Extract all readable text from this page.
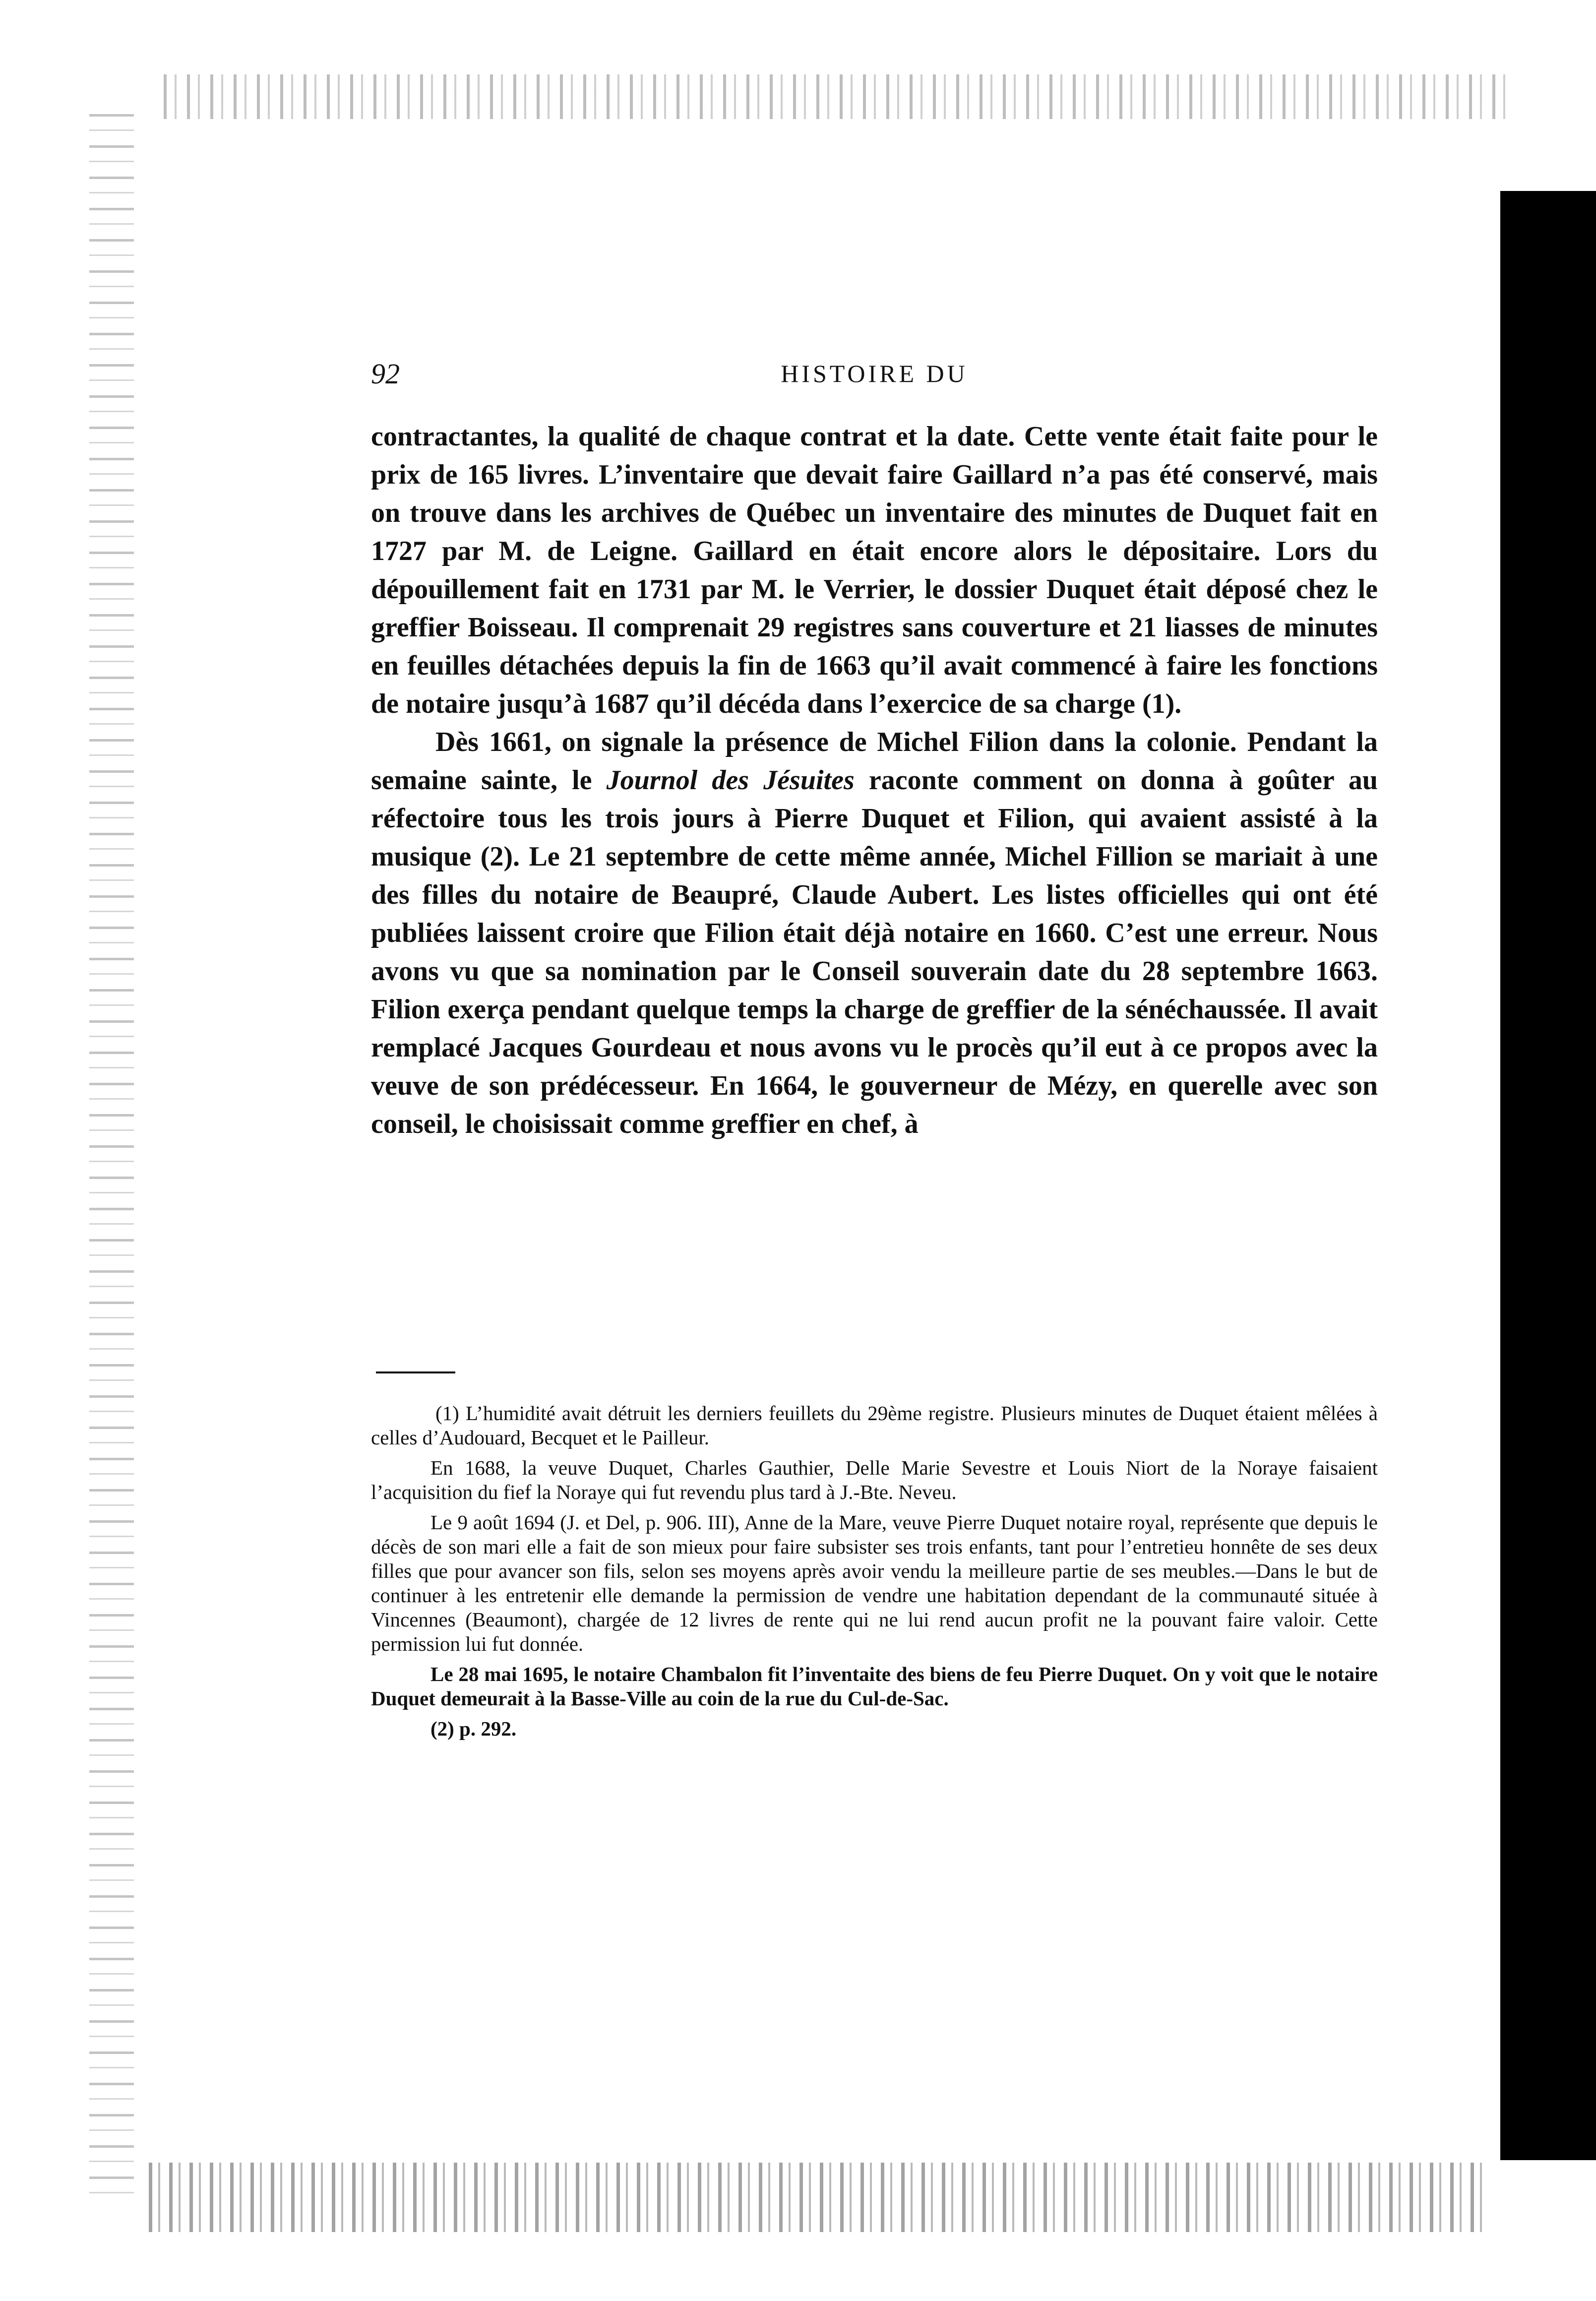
92	HISTOIRE DU

contractantes, la qualité de chaque contrat et la date. Cette vente était faite pour le prix de 165 livres. L’inventaire que devait faire Gaillard n’a pas été conservé, mais on trouve dans les archives de Québec un inventaire des minutes de Duquet fait en 1727 par M. de Leigne. Gaillard en était encore alors le dépositaire. Lors du dépouillement fait en 1731 par M. le Verrier, le dossier Duquet était déposé chez le greffier Boisseau. Il comprenait 29 registres sans couverture et 21 liasses de minutes en feuilles détachées depuis la fin de 1663 qu’il avait commencé à faire les fonctions de notaire jusqu’à 1687 qu’il décéda dans l’exercice de sa charge (1).

Dès 1661, on signale la présence de Michel Filion dans la colonie. Pendant la semaine sainte, le Journol des Jésuites raconte comment on donna à goûter au réfectoire tous les trois jours à Pierre Duquet et Filion, qui avaient assisté à la musique (2). Le 21 septembre de cette même année, Michel Fillion se mariait à une des filles du notaire de Beaupré, Claude Aubert. Les listes officielles qui ont été publiées laissent croire que Filion était déjà notaire en 1660. C’est une erreur. Nous avons vu que sa nomination par le Conseil souverain date du 28 septembre 1663. Filion exerça pendant quelque temps la charge de greffier de la sénéchaussée. Il avait remplacé Jacques Gourdeau et nous avons vu le procès qu’il eut à ce propos avec la veuve de son prédécesseur. En 1664, le gouverneur de Mézy, en querelle avec son conseil, le choisissait comme greffier en chef, à

(1) L’humidité avait détruit les derniers feuillets du 29ème registre. Plusieurs minutes de Duquet étaient mêlées à celles d’Audouard, Becquet et le Pailleur.

En 1688, la veuve Duquet, Charles Gauthier, Delle Marie Sevestre et Louis Niort de la Noraye faisaient l’acquisition du fief la Noraye qui fut revendu plus tard à J.-Bte. Neveu.

Le 9 août 1694 (J. et Del, p. 906. III), Anne de la Mare, veuve Pierre Duquet notaire royal, représente que depuis le décès de son mari elle a fait de son mieux pour faire subsister ses trois enfants, tant pour l’entretieu honnête de ses deux filles que pour avancer son fils, selon ses moyens après avoir vendu la meilleure partie de ses meubles.—Dans le but de continuer à les entretenir elle demande la permission de vendre une habitation dependant de la communauté située à Vincennes (Beaumont), chargée de 12 livres de rente qui ne lui rend aucun profit ne la pouvant faire valoir. Cette permission lui fut donnée.

Le 28 mai 1695, le notaire Chambalon fit l’inventaite des biens de feu Pierre Duquet. On y voit que le notaire Duquet demeurait à la Basse-Ville au coin de la rue du Cul-de-Sac.

(2) p. 292.
